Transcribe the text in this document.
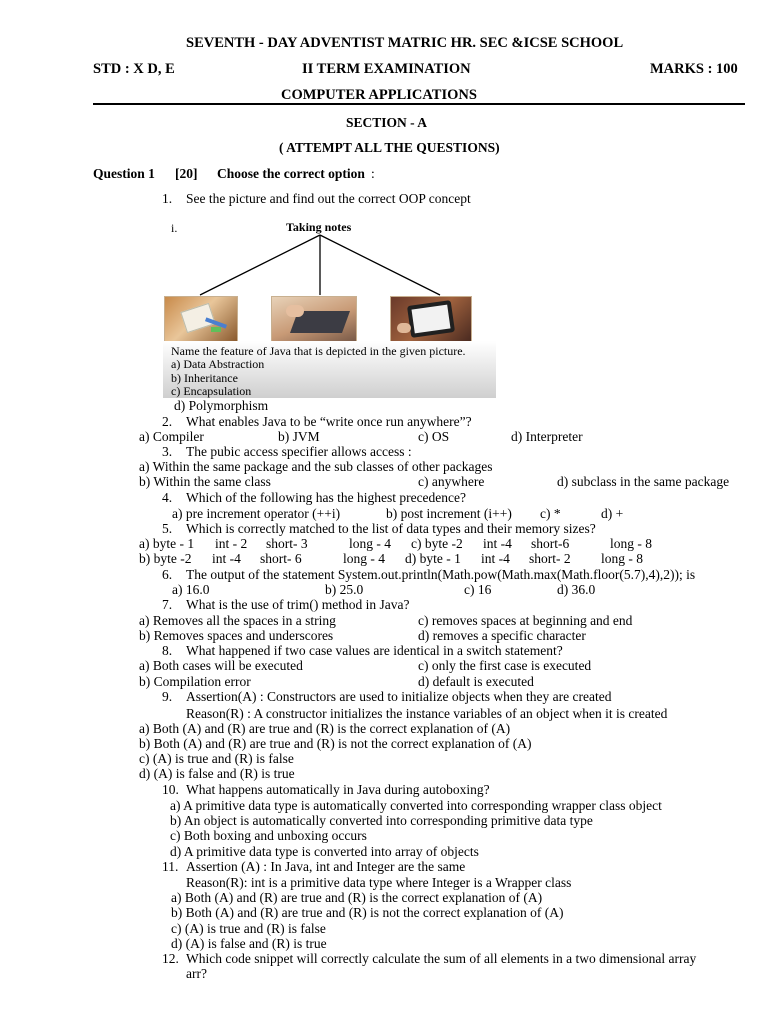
SEVENTH - DAY ADVENTIST MATRIC HR. SEC &ICSE SCHOOL
STD : X D, E	II TERM EXAMINATION	MARKS : 100
COMPUTER APPLICATIONS
SECTION - A
( ATTEMPT ALL THE QUESTIONS)
Question 1 [20] Choose the correct option :
1. See the picture and find out the correct OOP concept
i.	Taking notes
Name the feature of Java that is depicted in the given picture.
a) Data Abstraction
b) Inheritance
c) Encapsulation
d) Polymorphism
2. What enables Java to be “write once run anywhere”?
a) Compiler	b) JVM	c) OS	d) Interpreter
3. The pubic access specifier allows access :
a) Within the same package and the sub classes of other packages
b) Within the same class	c) anywhere	d) subclass in the same package
4. Which of the following has the highest precedence?
a) pre increment operator (++i)	b) post increment (i++) c) *	d) +
5. Which is correctly matched to the list of data types and their memory sizes?
a) byte - 1 int - 2 short- 3	long - 4 c) byte -2 int -4 short-6	long - 8
b) byte -2 int -4 short- 6	long - 4 d) byte - 1 int -4 short- 2 long - 8
6. The output of the statement System.out.println(Math.pow(Math.max(Math.floor(5.7),4),2)); is
a) 16.0	b) 25.0	c) 16	d) 36.0
7. What is the use of trim() method in Java?
a) Removes all the spaces in a string	c) removes spaces at beginning and end
b) Removes spaces and underscores	d) removes a specific character
8. What happened if two case values are identical in a switch statement?
a) Both cases will be executed	c) only the first case is executed
b) Compilation error	d) default is executed
9. Assertion(A) : Constructors are used to initialize objects when they are created
Reason(R) : A constructor initializes the instance variables of an object when it is created
a) Both (A) and (R) are true and (R) is the correct explanation of (A)
b) Both (A) and (R) are true and (R) is not the correct explanation of (A)
c) (A) is true and (R) is false
d) (A) is false and (R) is true
10. What happens automatically in Java during autoboxing?
a) A primitive data type is automatically converted into corresponding wrapper class object
b) An object is automatically converted into corresponding primitive data type
c) Both boxing and unboxing occurs
d) A primitive data type is converted into array of objects
11. Assertion (A) : In Java, int and Integer are the same
Reason(R): int is a primitive data type where Integer is a Wrapper class
a) Both (A) and (R) are true and (R) is the correct explanation of (A)
b) Both (A) and (R) are true and (R) is not the correct explanation of (A)
c) (A) is true and (R) is false
d) (A) is false and (R) is true
12. Which code snippet will correctly calculate the sum of all elements in a two dimensional array
arr?
